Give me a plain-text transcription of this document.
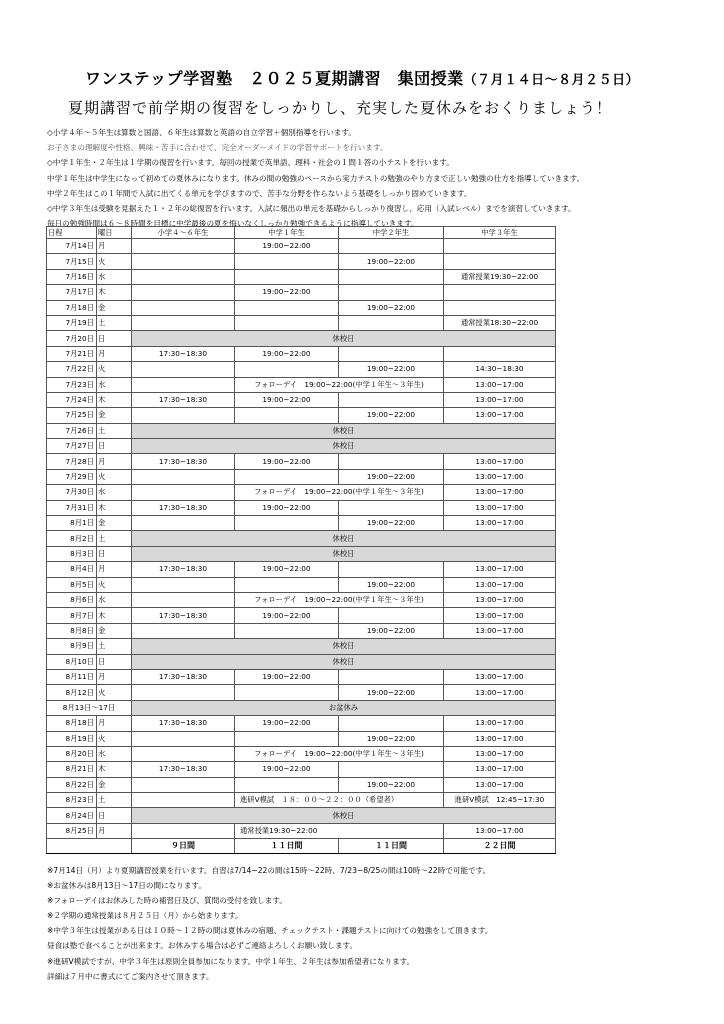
ワンステップ学習塾　２０２５夏期講習　集団授業（７月１４日〜８月２５日）
夏期講習で前学期の復習をしっかりし、充実した夏休みをおくりましょう！
◇小学４年〜５年生は算数と国語、６年生は算数と英語の自立学習＋個別指導を行います。
お子さまの理解度や性格、興味・苦手に合わせて、完全オーダーメイドの学習サポートを行います。
◇中学１年生・２年生は１学期の復習を行います。毎回の授業で英単語、理科・社会の１問１答の小テストを行います。
中学１年生は中学生になって初めての夏休みになります。休みの間の勉強のペースから実力テストの勉強のやり方まで正しい勉強の仕方を指導していきます。
中学２年生はこの１年間で入試に出てくる単元を学びますので、苦手な分野を作らないよう基礎をしっかり固めていきます。
◇中学３年生は受験を見据えた１・２年の総復習を行います。入試に頻出の単元を基礎からしっかり復習し、応用（入試レベル）までを演習していきます。
毎日の勉強時間は６〜８時間を目標に中学最後の夏を悔いなくしっかり勉強できるように指導していきます。
日程	曜日	小学４〜６年生	中学１年生	中学２年生	中学３年生
7月14日	月		19:00~22:00		
7月15日	火			19:00~22:00	
7月16日	水				通常授業19:30~22:00
7月17日	木		19:00~22:00		
7月18日	金			19:00~22:00	
7月19日	土				通常授業18:30~22:00
7月20日	日	休校日			
7月21日	月	17:30~18:30	19:00~22:00		
7月22日	火			19:00~22:00	14:30~18:30
7月23日	水		フォローデイ　19:00~22:00(中学１年生〜３年生)		13:00~17:00
7月24日	木	17:30~18:30	19:00~22:00		13:00~17:00
7月25日	金			19:00~22:00	13:00~17:00
7月26日	土	休校日			
7月27日	日	休校日			
7月28日	月	17:30~18:30	19:00~22:00		13:00~17:00
7月29日	火			19:00~22:00	13:00~17:00
7月30日	水		フォローデイ　19:00~22:00(中学１年生〜３年生)		13:00~17:00
7月31日	木	17:30~18:30	19:00~22:00		13:00~17:00
8月1日	金			19:00~22:00	13:00~17:00
8月2日	土	休校日			
8月3日	日	休校日			
8月4日	月	17:30~18:30	19:00~22:00		13:00~17:00
8月5日	火			19:00~22:00	13:00~17:00
8月6日	水		フォローデイ　19:00~22:00(中学１年生〜３年生)		13:00~17:00
8月7日	木	17:30~18:30	19:00~22:00		13:00~17:00
8月8日	金			19:00~22:00	13:00~17:00
8月9日	土	休校日			
8月10日	日	休校日			
8月11日	月	17:30~18:30	19:00~22:00		13:00~17:00
8月12日	火			19:00~22:00	13:00~17:00
8月13日～17日		お盆休み			
8月18日	月	17:30~18:30	19:00~22:00		13:00~17:00
8月19日	火			19:00~22:00	13:00~17:00
8月20日	水		フォローデイ　19:00~22:00(中学１年生〜３年生)		13:00~17:00
8月21日	木	17:30~18:30	19:00~22:00		13:00~17:00
8月22日	金			19:00~22:00	13:00~17:00
8月23日	土		進研V模試　１８：００〜２２：００（希望者）		進研V模試　12:45~17:30
8月24日	日	休校日			
8月25日	月		通常授業19:30~22:00		13:00~17:00
		９日間	１１日間	１１日間	２２日間
※7月14日（月）より夏期講習授業を行います。自習は7/14~22の間は15時〜22時、7/23~8/25の間は10時〜22時で可能です。
※お盆休みは8月13日〜17日の間になります。
※フォローデイはお休みした時の補習日及び、質問の受付を致します。
※２学期の通常授業は８月２５日（月）から始まります。
※中学３年生は授業がある日は１０時〜１２時の間は夏休みの宿題、チェックテスト・課題テストに向けての勉強をして頂きます。
昼食は塾で食べることが出来ます。お休みする場合は必ずご連絡よろしくお願い致します。
※進研V模試ですが、中学３年生は原則全員参加になります。中学１年生、２年生は参加希望者になります。
詳細は７月中に書式にてご案内させて頂きます。
